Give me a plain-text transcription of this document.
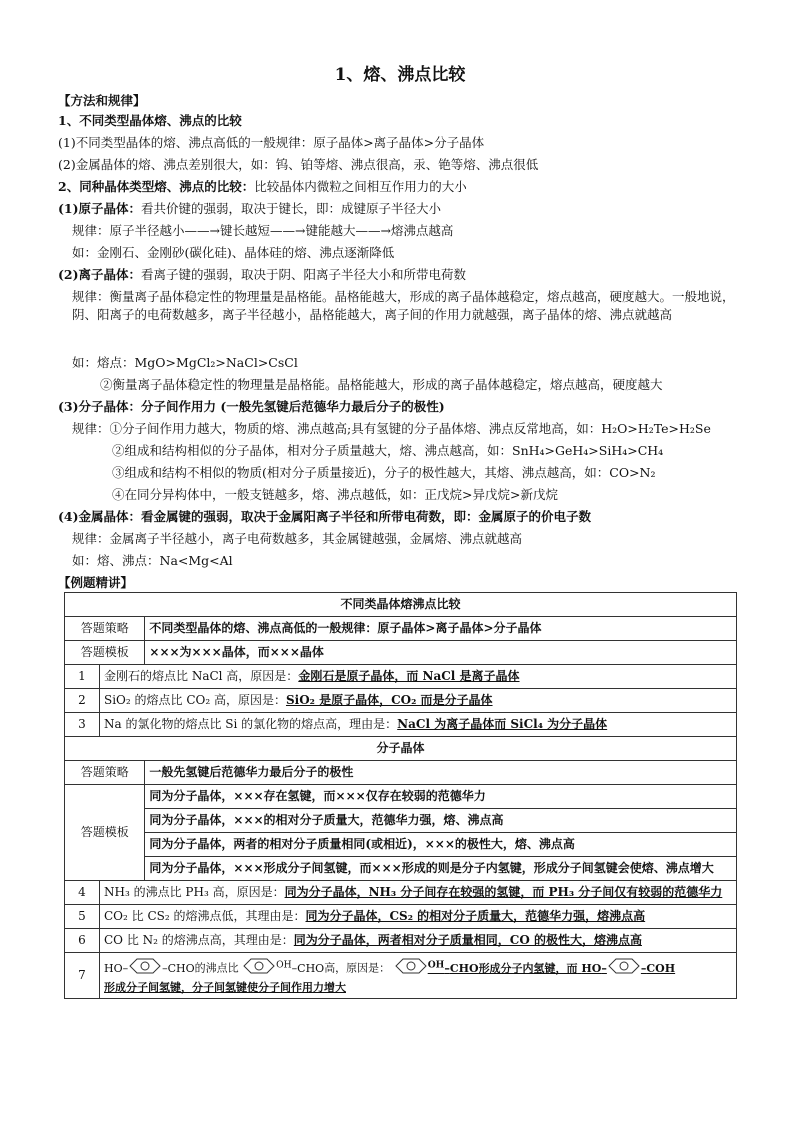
1、熔、沸点比较
【方法和规律】
1、不同类型晶体熔、沸点的比较
(1)不同类型晶体的熔、沸点高低的一般规律：原子晶体>离子晶体>分子晶体
(2)金属晶体的熔、沸点差别很大，如：钨、铂等熔、沸点很高，汞、铯等熔、沸点很低
2、同种晶体类型熔、沸点的比较：比较晶体内微粒之间相互作用力的大小
(1)原子晶体：看共价键的强弱，取决于键长，即：成键原子半径大小
规律：原子半径越小——→键长越短——→键能越大——→熔沸点越高
如：金刚石、金刚砂(碳化硅)、晶体硅的熔、沸点逐渐降低
(2)离子晶体：看离子键的强弱，取决于阴、阳离子半径大小和所带电荷数
规律：衡量离子晶体稳定性的物理量是晶格能。晶格能越大，形成的离子晶体越稳定，熔点越高，硬度越大。一般地说，阴、阳离子的电荷数越多，离子半径越小，晶格能越大，离子间的作用力就越强，离子晶体的熔、沸点就越高
如：熔点：MgO>MgCl₂>NaCl>CsCl
②衡量离子晶体稳定性的物理量是晶格能。晶格能越大，形成的离子晶体越稳定，熔点越高，硬度越大
(3)分子晶体：分子间作用力 (一般先氢键后范德华力最后分子的极性)
规律：①分子间作用力越大，物质的熔、沸点越高;具有氢键的分子晶体熔、沸点反常地高，如：H₂O>H₂Te>H₂Se
②组成和结构相似的分子晶体，相对分子质量越大，熔、沸点越高，如：SnH₄>GeH₄>SiH₄>CH₄
③组成和结构不相似的物质(相对分子质量接近)，分子的极性越大，其熔、沸点越高，如：CO>N₂
④在同分异构体中，一般支链越多，熔、沸点越低，如：正戊烷>异戊烷>新戊烷
(4)金属晶体：看金属键的强弱，取决于金属阳离子半径和所带电荷数，即：金属原子的价电子数
规律：金属离子半径越小，离子电荷数越多，其金属键越强，金属熔、沸点就越高
如：熔、沸点：Na<Mg<Al
【例题精讲】
不同类晶体熔沸点比较		
答题策略		不同类型晶体的熔、沸点高低的一般规律：原子晶体>离子晶体>分子晶体
答题模板		×××为×××晶体，而×××晶体
1	金刚石的熔点比 NaCl 高，原因是：金刚石是原子晶体，而 NaCl 是离子晶体	
2	SiO₂ 的熔点比 CO₂ 高，原因是：SiO₂ 是原子晶体，CO₂ 而是分子晶体	
3	Na 的氯化物的熔点比 Si 的氯化物的熔点高，理由是：NaCl 为离子晶体而 SiCl₄ 为分子晶体	
分子晶体		
答题策略		一般先氢键后范德华力最后分子的极性
答题模板		同为分子晶体，×××存在氢键，而×××仅存在较弱的范德华力
		同为分子晶体，×××的相对分子质量大，范德华力强，熔、沸点高
		同为分子晶体，两者的相对分子质量相同(或相近)，×××的极性大，熔、沸点高
		同为分子晶体，×××形成分子间氢键，而×××形成的则是分子内氢键，形成分子间氢键会使熔、沸点增大
4	NH₃ 的沸点比 PH₃ 高，原因是：同为分子晶体，NH₃ 分子间存在较强的氢键，而 PH₃ 分子间仅有较弱的范德华力	
5	CO₂ 比 CS₂ 的熔沸点低，其理由是：同为分子晶体，CS₂ 的相对分子质量大，范德华力强，熔沸点高	
6	CO 比 N₂ 的熔沸点高，其理由是：同为分子晶体，两者相对分子质量相同，CO 的极性大，熔沸点高	
7	HO– –CHO的沸点比 $^{OH}$–CHO高，原因是： $^{OH}$–CHO形成分子内氢键，而 HO– –COH
形成分子间氢键，分子间氢键使分子间作用力增大	
